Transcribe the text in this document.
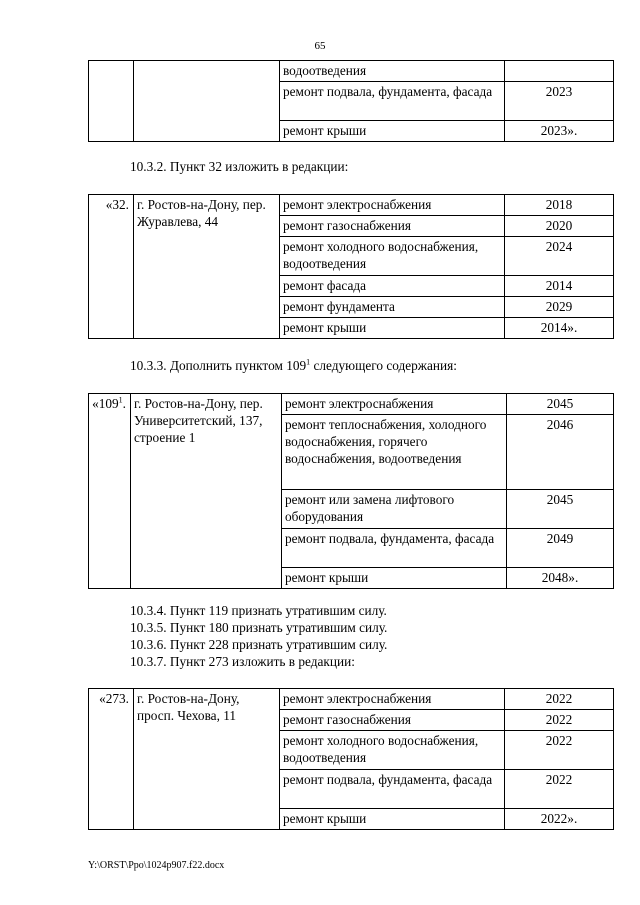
65
		водоотведения	
		ремонт подвала, фундамента, фасада	2023
		ремонт крыши	2023».
10.3.2. Пункт 32 изложить в редакции:
«32.	г. Ростов-на-Дону, пер. Журавлева, 44	ремонт электроснабжения	2018
		ремонт газоснабжения	2020
		ремонт холодного водоснабжения, водоотведения	2024
		ремонт фасада	2014
		ремонт фундамента	2029
		ремонт крыши	2014».
10.3.3. Дополнить пунктом $109^1$ следующего содержания:
«$109^1$.	г. Ростов-на-Дону, пер. Университетский, 137, строение 1	ремонт электроснабжения	2045
		ремонт теплоснабжения, холодного водоснабжения, горячего водоснабжения, водоотведения	2046
		ремонт или замена лифтового оборудования	2045
		ремонт подвала, фундамента, фасада	2049
		ремонт крыши	2048».
10.3.4. Пункт 119 признать утратившим силу.
10.3.5. Пункт 180 признать утратившим силу.
10.3.6. Пункт 228 признать утратившим силу.
10.3.7. Пункт 273 изложить в редакции:
«273.	г. Ростов-на-Дону, просп. Чехова, 11	ремонт электроснабжения	2022
		ремонт газоснабжения	2022
		ремонт холодного водоснабжения, водоотведения	2022
		ремонт подвала, фундамента, фасада	2022
		ремонт крыши	2022».
Y:\ORST\Ppo\1024p907.f22.docx
